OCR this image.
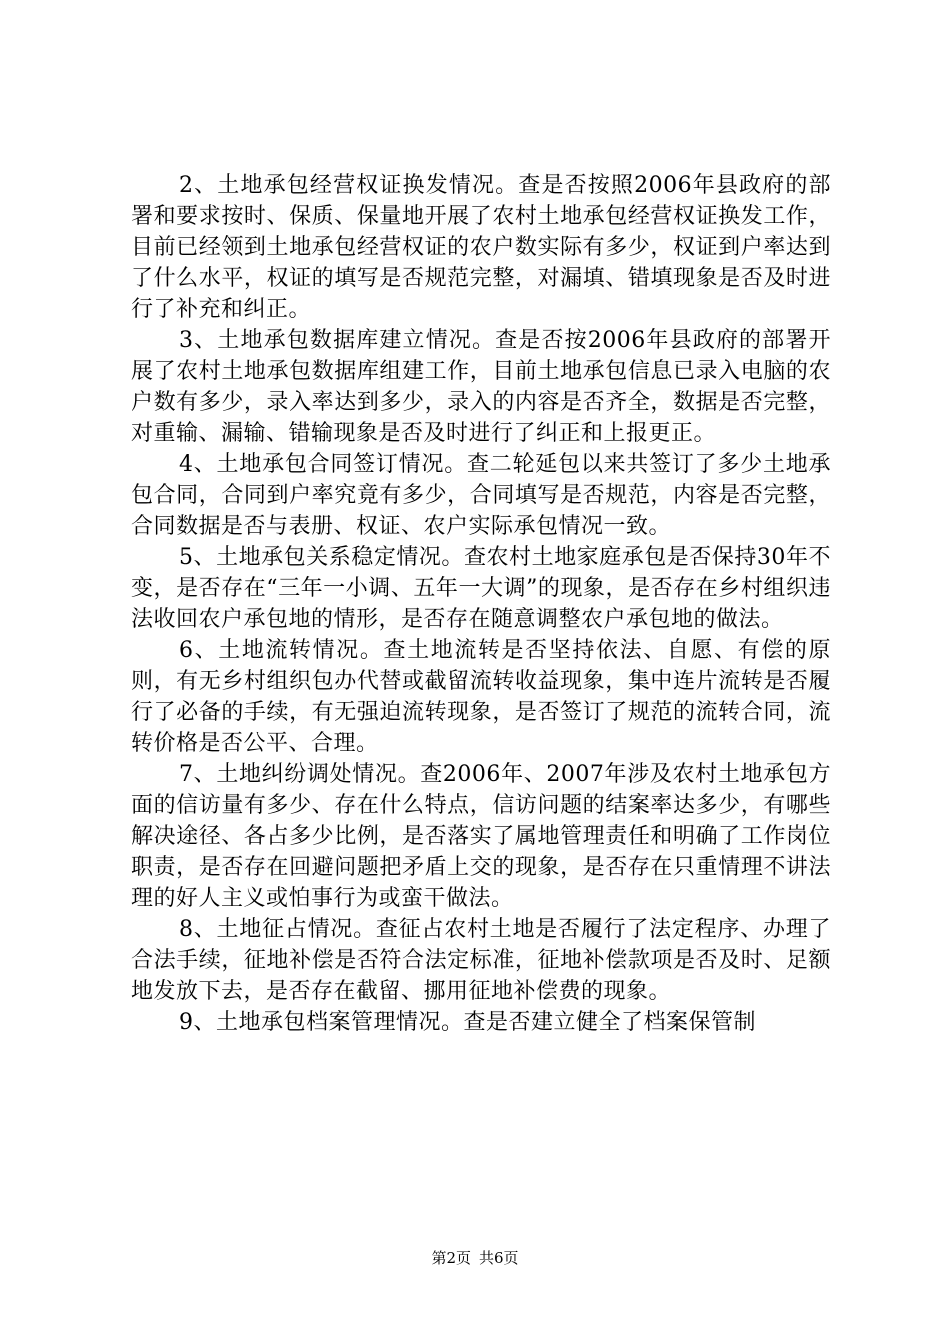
2、土地承包经营权证换发情况。查是否按照2006年县政府的部署和要求按时、保质、保量地开展了农村土地承包经营权证换发工作，目前已经领到土地承包经营权证的农户数实际有多少，权证到户率达到了什么水平，权证的填写是否规范完整，对漏填、错填现象是否及时进行了补充和纠正。

3、土地承包数据库建立情况。查是否按2006年县政府的部署开展了农村土地承包数据库组建工作，目前土地承包信息已录入电脑的农户数有多少，录入率达到多少，录入的内容是否齐全，数据是否完整，对重输、漏输、错输现象是否及时进行了纠正和上报更正。

4、土地承包合同签订情况。查二轮延包以来共签订了多少土地承包合同，合同到户率究竟有多少，合同填写是否规范，内容是否完整，合同数据是否与表册、权证、农户实际承包情况一致。

5、土地承包关系稳定情况。查农村土地家庭承包是否保持30年不变，是否存在“三年一小调、五年一大调”的现象，是否存在乡村组织违法收回农户承包地的情形，是否存在随意调整农户承包地的做法。

6、土地流转情况。查土地流转是否坚持依法、自愿、有偿的原则，有无乡村组织包办代替或截留流转收益现象，集中连片流转是否履行了必备的手续，有无强迫流转现象，是否签订了规范的流转合同，流转价格是否公平、合理。

7、土地纠纷调处情况。查2006年、2007年涉及农村土地承包方面的信访量有多少、存在什么特点，信访问题的结案率达多少，有哪些解决途径、各占多少比例，是否落实了属地管理责任和明确了工作岗位职责，是否存在回避问题把矛盾上交的现象，是否存在只重情理不讲法理的好人主义或怕事行为或蛮干做法。

8、土地征占情况。查征占农村土地是否履行了法定程序、办理了合法手续，征地补偿是否符合法定标准，征地补偿款项是否及时、足额地发放下去，是否存在截留、挪用征地补偿费的现象。

9、土地承包档案管理情况。查是否建立健全了档案保管制

第2页 共6页
